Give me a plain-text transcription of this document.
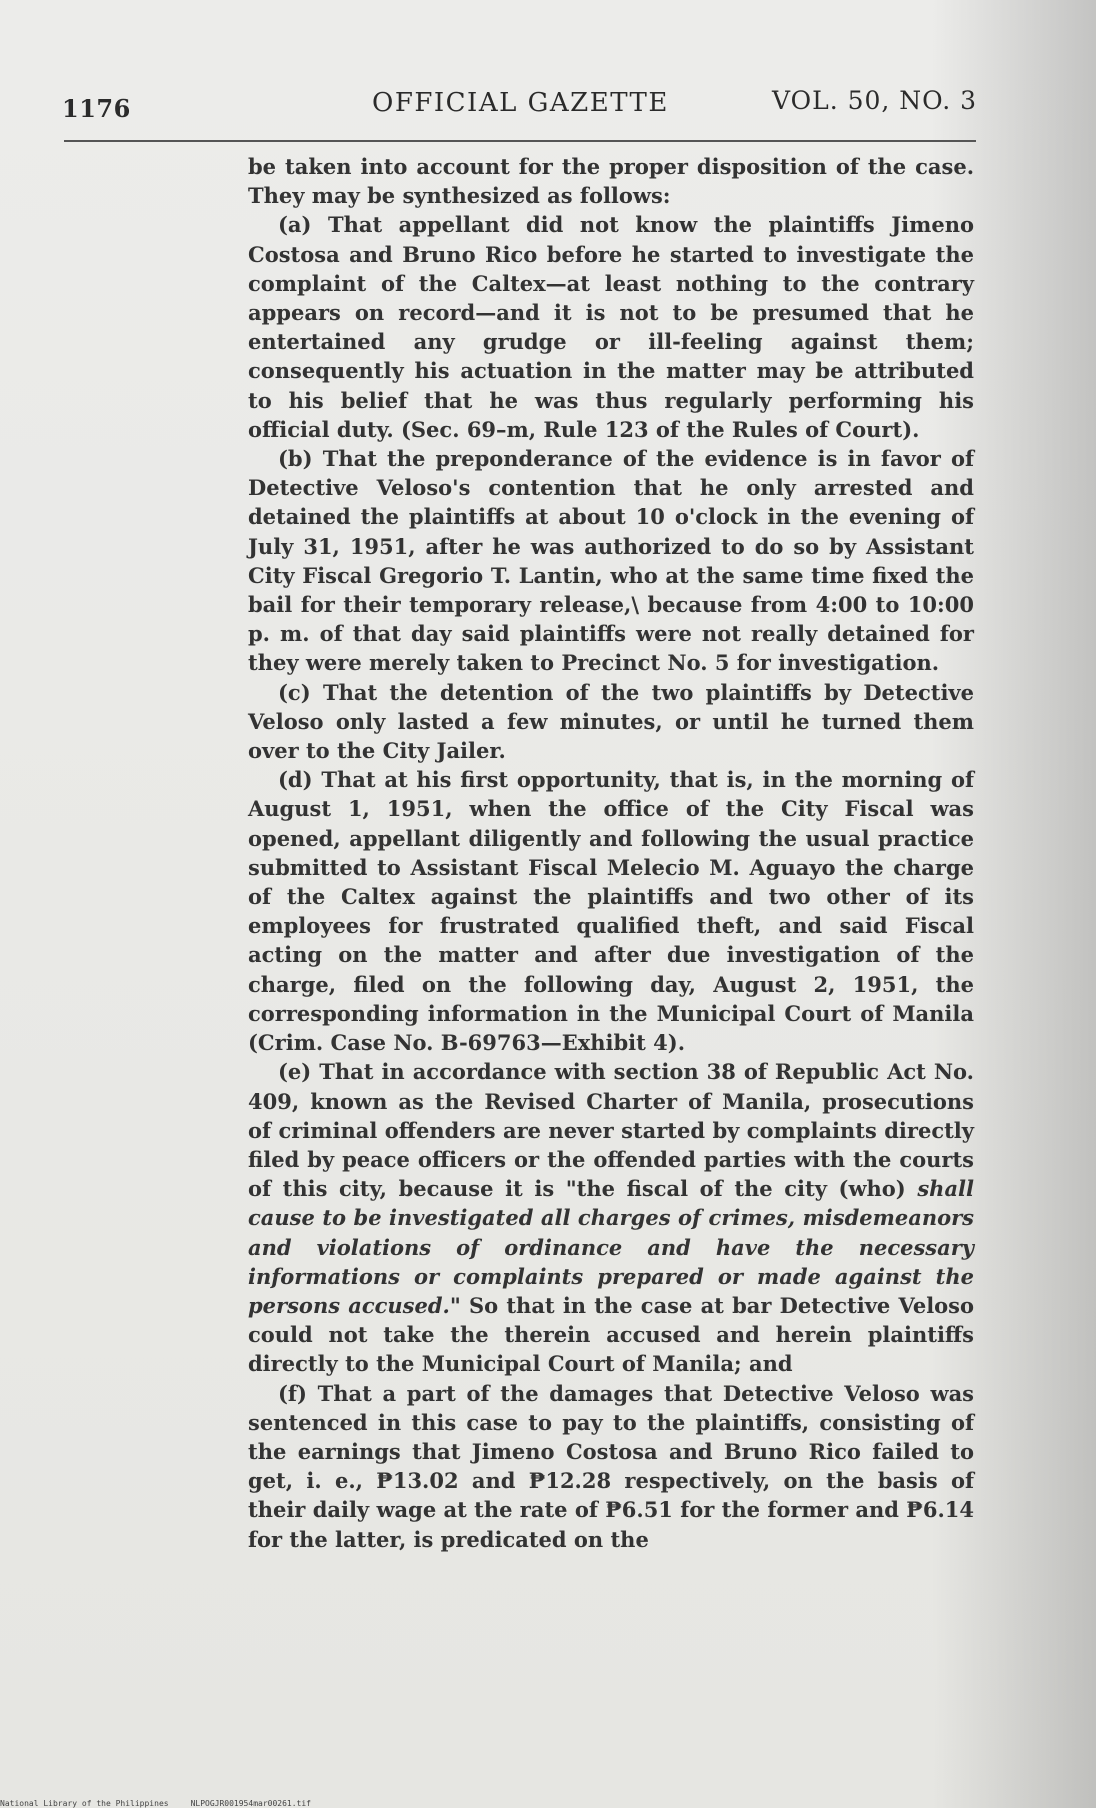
1176	OFFICIAL GAZETTE	VOL. 50, NO. 3

be taken into account for the proper disposition of the case. They may be synthesized as follows:

(a) That appellant did not know the plaintiffs Jimeno Costosa and Bruno Rico before he started to investigate the complaint of the Caltex—at least nothing to the contrary appears on record—and it is not to be presumed that he entertained any grudge or ill-feeling against them; consequently his actuation in the matter may be attributed to his belief that he was thus regularly performing his official duty. (Sec. 69–m, Rule 123 of the Rules of Court).

(b) That the preponderance of the evidence is in favor of Detective Veloso's contention that he only arrested and detained the plaintiffs at about 10 o'clock in the evening of July 31, 1951, after he was authorized to do so by Assistant City Fiscal Gregorio T. Lantin, who at the same time fixed the bail for their temporary release,\ because from 4:00 to 10:00 p. m. of that day said plaintiffs were not really detained for they were merely taken to Precinct No. 5 for investigation.

(c) That the detention of the two plaintiffs by Detective Veloso only lasted a few minutes, or until he turned them over to the City Jailer.

(d) That at his first opportunity, that is, in the morning of August 1, 1951, when the office of the City Fiscal was opened, appellant diligently and following the usual practice submitted to Assistant Fiscal Melecio M. Aguayo the charge of the Caltex against the plaintiffs and two other of its employees for frustrated qualified theft, and said Fiscal acting on the matter and after due investigation of the charge, filed on the following day, August 2, 1951, the corresponding information in the Municipal Court of Manila (Crim. Case No. B-69763—Exhibit 4).

(e) That in accordance with section 38 of Republic Act No. 409, known as the Revised Charter of Manila, prosecutions of criminal offenders are never started by complaints directly filed by peace officers or the offended parties with the courts of this city, because it is "the fiscal of the city (who) shall cause to be investigated all charges of crimes, misdemeanors and violations of ordinance and have the necessary informations or complaints prepared or made against the persons accused." So that in the case at bar Detective Veloso could not take the therein accused and herein plaintiffs directly to the Municipal Court of Manila; and

(f) That a part of the damages that Detective Veloso was sentenced in this case to pay to the plaintiffs, consisting of the earnings that Jimeno Costosa and Bruno Rico failed to get, i. e., ₱13.02 and ₱12.28 respectively, on the basis of their daily wage at the rate of ₱6.51 for the former and ₱6.14 for the latter, is predicated on the

National Library of the Philippines	NLPOGJR001954mar00261.tif
